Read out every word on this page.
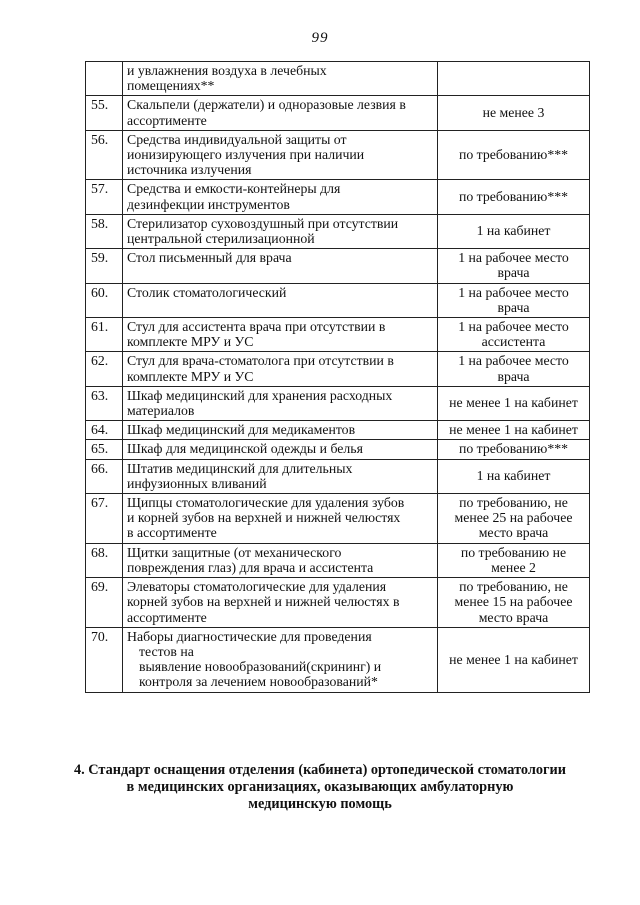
99

	и увлажнения воздуха в лечебных
помещениях**	

55.	Скальпели (держатели) и одноразовые лезвия в
ассортименте	не менее 3

56.	Средства индивидуальной защиты от
ионизирующего излучения при наличии
источника излучения	по требованию***

57.	Средства и емкости-контейнеры для
дезинфекции инструментов	по требованию***

58.	Стерилизатор суховоздушный при отсутствии
центральной стерилизационной	1 на кабинет

59.	Стол письменный для врача	1 на рабочее место
врача

60.	Столик стоматологический	1 на рабочее место
врача

61.	Стул для ассистента врача при отсутствии в
комплекте МРУ и УС	1 на рабочее место
ассистента

62.	Стул для врача-стоматолога при отсутствии в
комплекте МРУ и УС	1 на рабочее место
врача

63.	Шкаф медицинский для хранения расходных
материалов	не менее 1 на кабинет

64.	Шкаф медицинский для медикаментов	не менее 1 на кабинет

65.	Шкаф для медицинской одежды и белья	по требованию***

66.	Штатив медицинский для длительных
инфузионных вливаний	1 на кабинет

67.	Щипцы стоматологические для удаления зубов
и корней зубов на верхней и нижней челюстях
в ассортименте	по требованию, не
менее 25 на рабочее
место врача

68.	Щитки защитные (от механического
повреждения глаз) для врача и ассистента	по требованию не
менее 2

69.	Элеваторы стоматологические для удаления
корней зубов на верхней и нижней челюстях в
ассортименте	по требованию, не
менее 15 на рабочее
место врача

70.	Наборы диагностические для проведения
тестов на
выявление новообразований(скрининг) и
контроля за лечением новообразований*	не менее 1 на кабинет
4. Стандарт оснащения отделения (кабинета) ортопедической стоматологии
в медицинских организациях, оказывающих амбулаторную
медицинскую помощь
